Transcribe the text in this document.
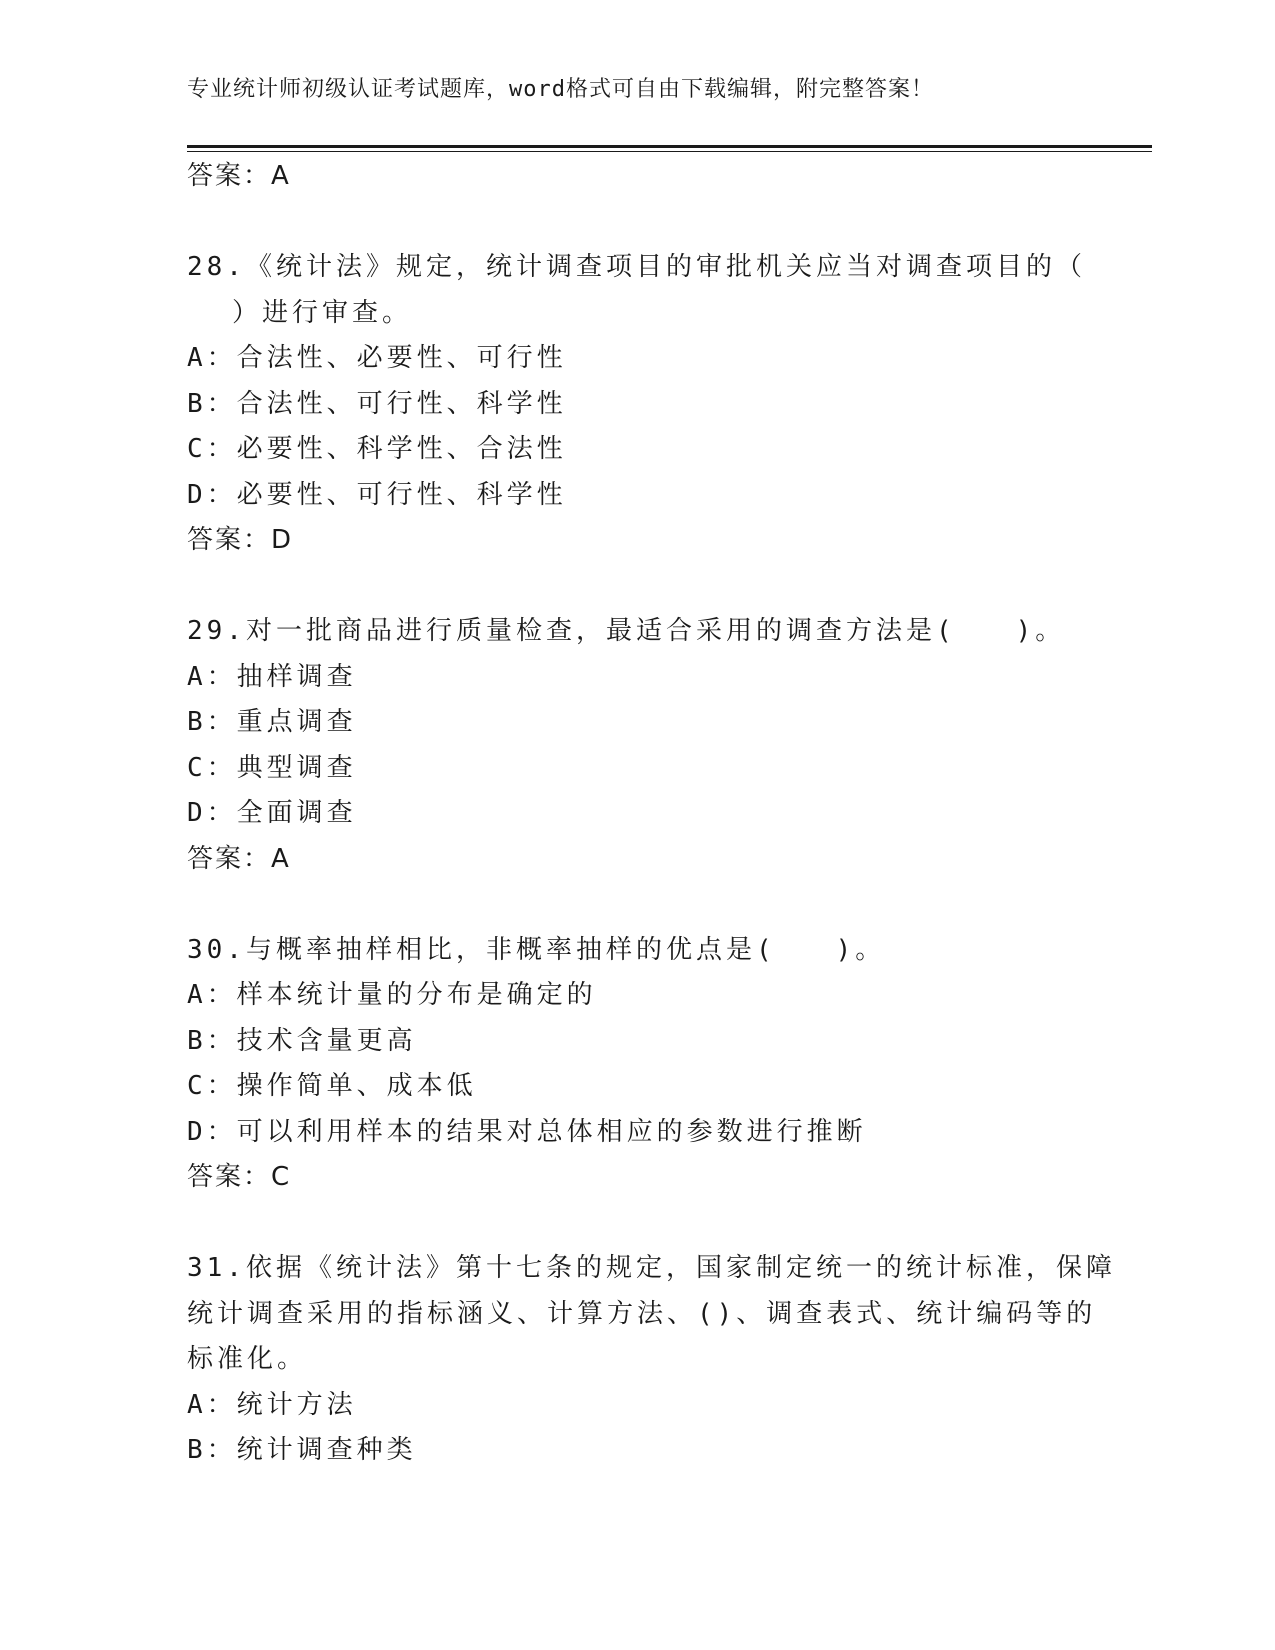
专业统计师初级认证考试题库，word格式可自由下载编辑，附完整答案！
答案：A
28.《统计法》规定，统计调查项目的审批机关应当对调查项目的（
）进行审查。
A：合法性、必要性、可行性
B：合法性、可行性、科学性
C：必要性、科学性、合法性
D：必要性、可行性、科学性
答案：D
29.对一批商品进行质量检查，最适合采用的调查方法是(　　)。
A：抽样调查
B：重点调查
C：典型调查
D：全面调查
答案：A
30.与概率抽样相比，非概率抽样的优点是(　　)。
A：样本统计量的分布是确定的
B：技术含量更高
C：操作简单、成本低
D：可以利用样本的结果对总体相应的参数进行推断
答案：C
31.依据《统计法》第十七条的规定，国家制定统一的统计标准，保障
统计调查采用的指标涵义、计算方法、()、调查表式、统计编码等的
标准化。
A：统计方法
B：统计调查种类
